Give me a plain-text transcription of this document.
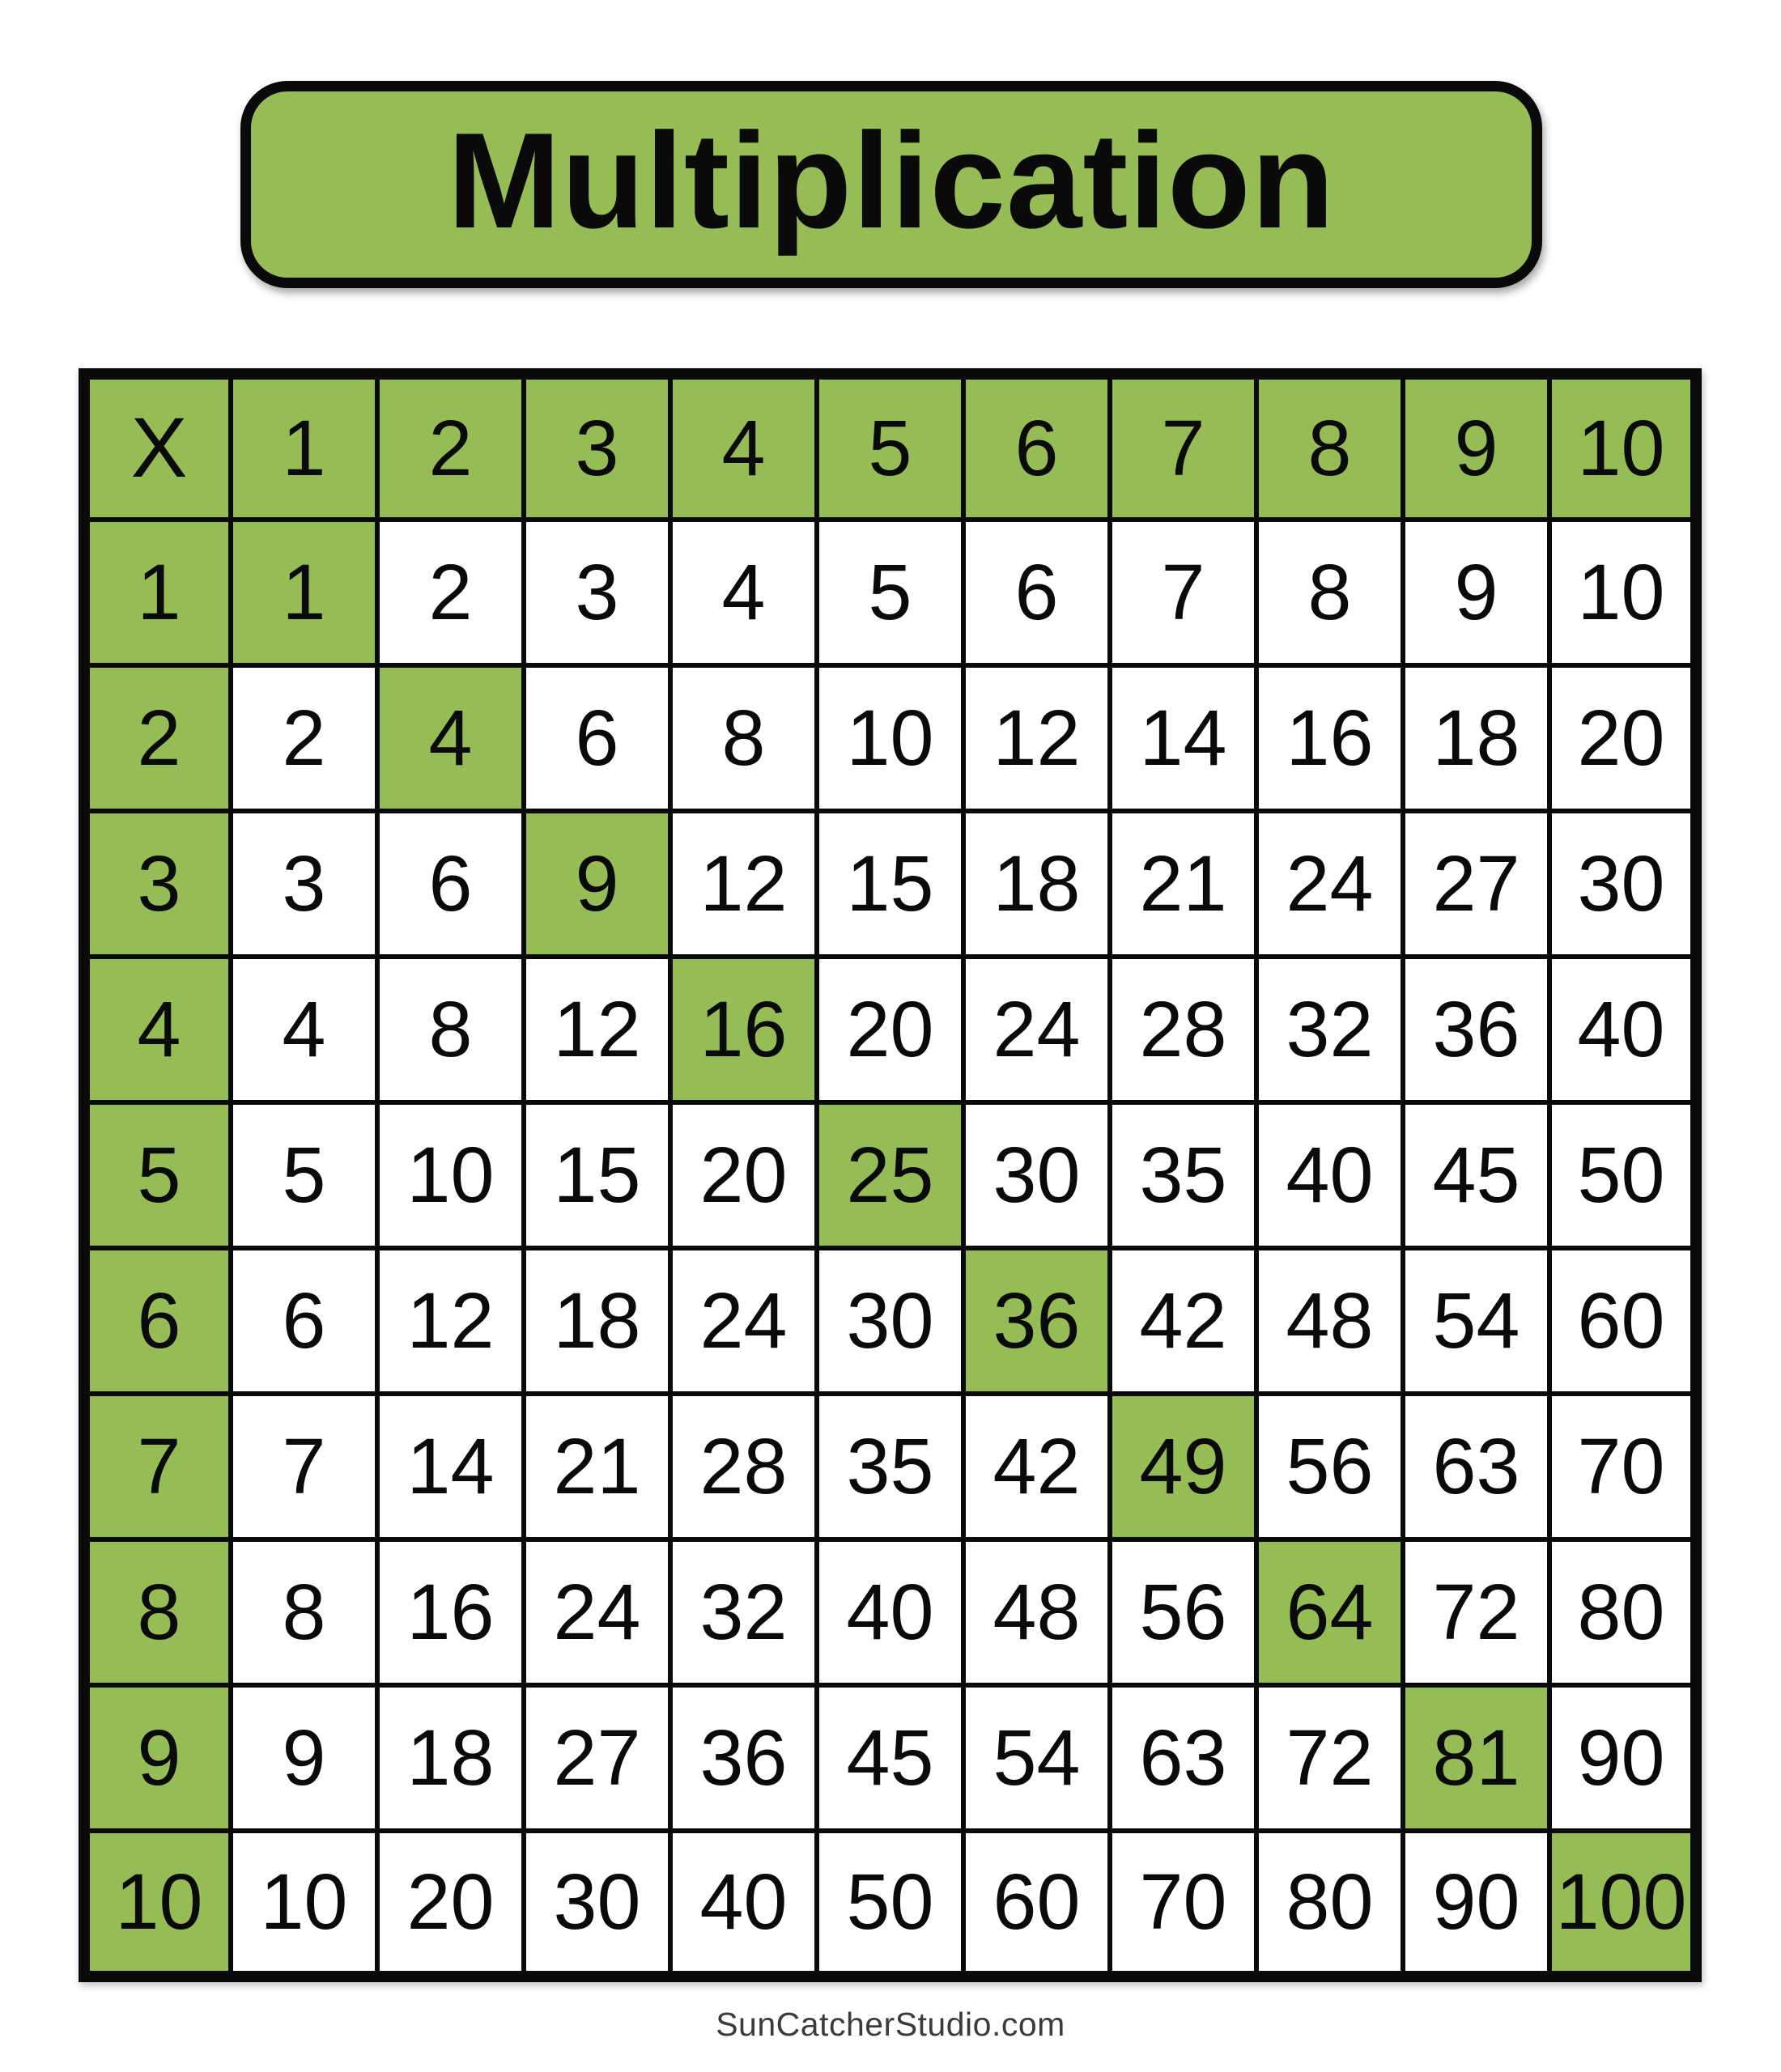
Multiplication
X	1	2	3	4	5	6	7	8	9	10
1	1	2	3	4	5	6	7	8	9	10
2	2	4	6	8	10	12	14	16	18	20
3	3	6	9	12	15	18	21	24	27	30
4	4	8	12	16	20	24	28	32	36	40
5	5	10	15	20	25	30	35	40	45	50
6	6	12	18	24	30	36	42	48	54	60
7	7	14	21	28	35	42	49	56	63	70
8	8	16	24	32	40	48	56	64	72	80
9	9	18	27	36	45	54	63	72	81	90
10	10	20	30	40	50	60	70	80	90	100
SunCatcherStudio.com
